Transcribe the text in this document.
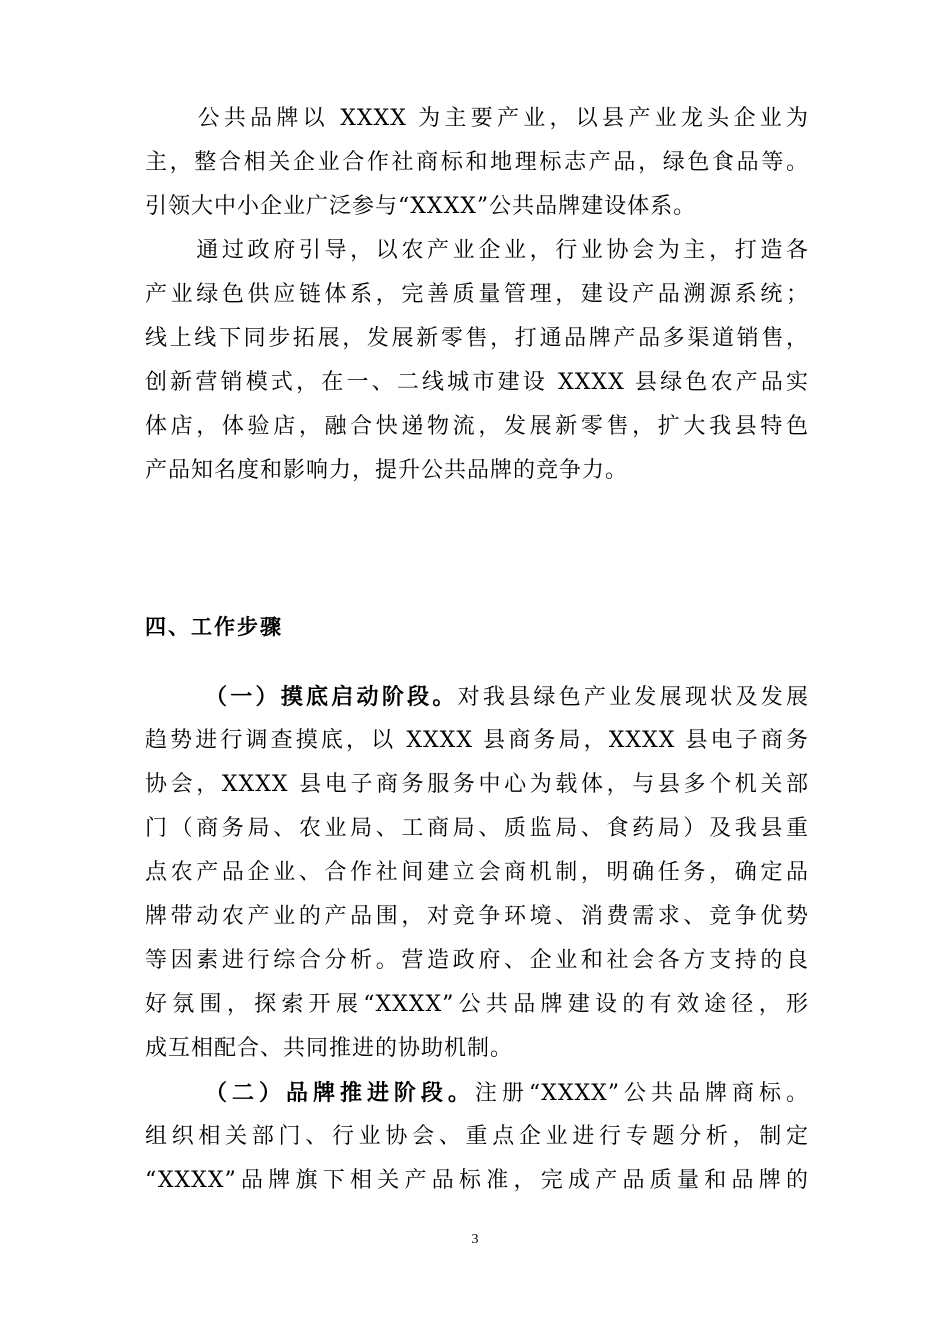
　　公共品牌以 XXXX 为主要产业，以县产业龙头企业为
主，整合相关企业合作社商标和地理标志产品，绿色食品等。
引领大中小企业广泛参与“XXXX”公共品牌建设体系。
　　通过政府引导，以农产业企业，行业协会为主，打造各
产业绿色供应链体系，完善质量管理，建设产品溯源系统；
线上线下同步拓展，发展新零售，打通品牌产品多渠道销售，
创新营销模式，在一、二线城市建设 XXXX 县绿色农产品实
体店，体验店，融合快递物流，发展新零售，扩大我县特色
产品知名度和影响力，提升公共品牌的竞争力。
四、工作步骤
（一）摸底启动阶段。对我县绿色产业发展现状及发展
趋势进行调查摸底，以 XXXX 县商务局，XXXX 县电子商务
协会，XXXX 县电子商务服务中心为载体，与县多个机关部
门（商务局、农业局、工商局、质监局、食药局）及我县重
点农产品企业、合作社间建立会商机制，明确任务，确定品
牌带动农产业的产品围，对竞争环境、消费需求、竞争优势
等因素进行综合分析。营造政府、企业和社会各方支持的良
好氛围，探索开展“XXXX”公共品牌建设的有效途径，形
成互相配合、共同推进的协助机制。
（二）品牌推进阶段。注册“XXXX”公共品牌商标。
组织相关部门、行业协会、重点企业进行专题分析，制定
“XXXX”品牌旗下相关产品标准，完成产品质量和品牌的
3
